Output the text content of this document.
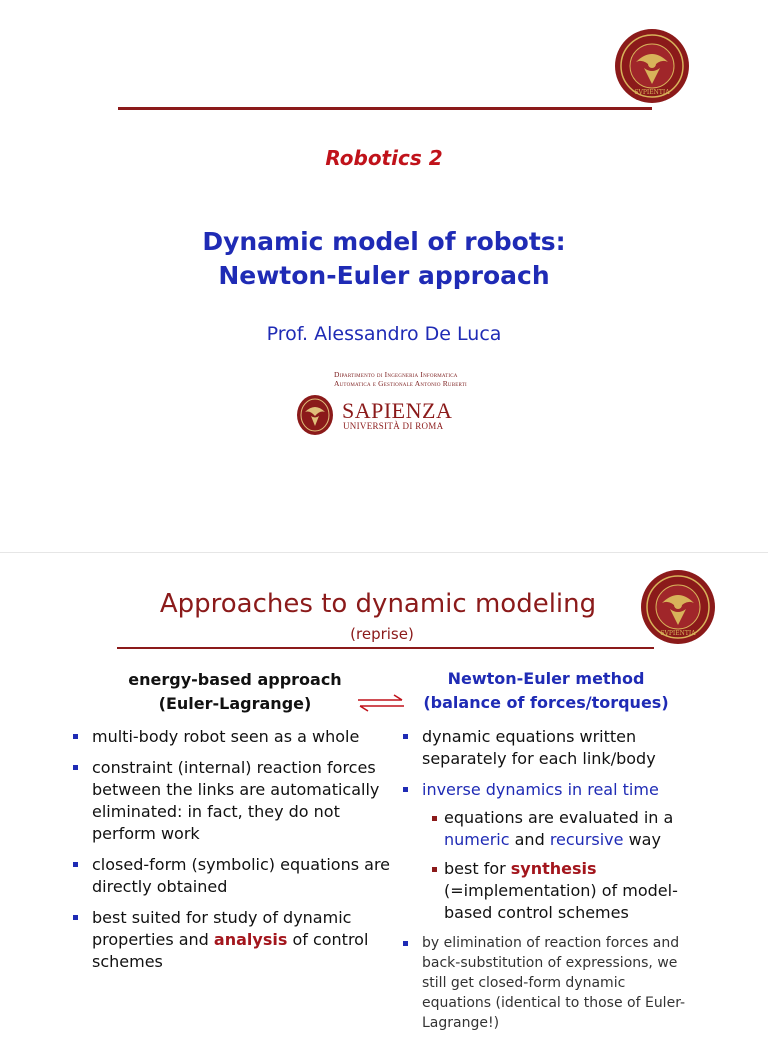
SVPIENTIA
Robotics 2
Dynamic model of robots:
Newton-Euler approach
Prof. Alessandro De Luca
Dipartimento di Ingegneria Informatica
Automatica e Gestionale Antonio Ruberti
SAPIENZA
UNIVERSITÀ DI ROMA
Approaches to dynamic modeling
(reprise)	SVPIENTIA
energy-based approach
(Euler-Lagrange)
Newton-Euler method
(balance of forces/torques)
multi-body robot seen as a whole
constraint (internal) reaction forces between the links are automatically eliminated: in fact, they do not perform work
closed-form (symbolic) equations are directly obtained
best suited for study of dynamic properties and analysis of control schemes
dynamic equations written separately for each link/body
inverse dynamics in real time
equations are evaluated in a numeric and recursive way
best for synthesis (=implementation) of model-based control schemes
by elimination of reaction forces and back-substitution of expressions, we still get closed-form dynamic equations (identical to those of Euler-Lagrange!)
